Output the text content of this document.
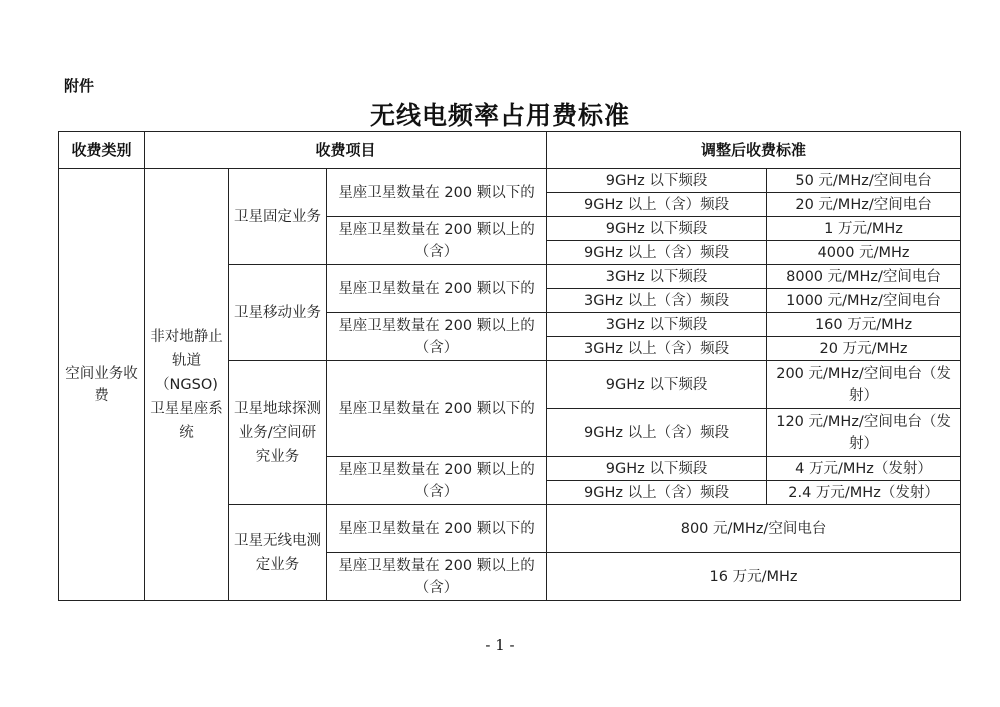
附件
无线电频率占用费标准
收费类别	收费项目			调整后收费标准	
空间业务收费	非对地静止轨道（NGSO)卫星星座系统	卫星固定业务	星座卫星数量在 200 颗以下的	9GHz 以下频段	50 元/MHz/空间电台
				9GHz 以上（含）频段	20 元/MHz/空间电台
			星座卫星数量在 200 颗以上的（含）	9GHz 以下频段	1 万元/MHz
				9GHz 以上（含）频段	4000 元/MHz
		卫星移动业务	星座卫星数量在 200 颗以下的	3GHz 以下频段	8000 元/MHz/空间电台
				3GHz 以上（含）频段	1000 元/MHz/空间电台
			星座卫星数量在 200 颗以上的（含）	3GHz 以下频段	160 万元/MHz
				3GHz 以上（含）频段	20 万元/MHz
		卫星地球探测业务/空间研究业务	星座卫星数量在 200 颗以下的	9GHz 以下频段	200 元/MHz/空间电台（发射）

				9GHz 以上（含）频段	120 元/MHz/空间电台（发射）

			星座卫星数量在 200 颗以上的（含）	9GHz 以下频段	4 万元/MHz（发射）
				9GHz 以上（含）频段	2.4 万元/MHz（发射）
		卫星无线电测定业务	星座卫星数量在 200 颗以下的	800 元/MHz/空间电台	

			星座卫星数量在 200 颗以上的（含）	16 万元/MHz	

- 1 -
